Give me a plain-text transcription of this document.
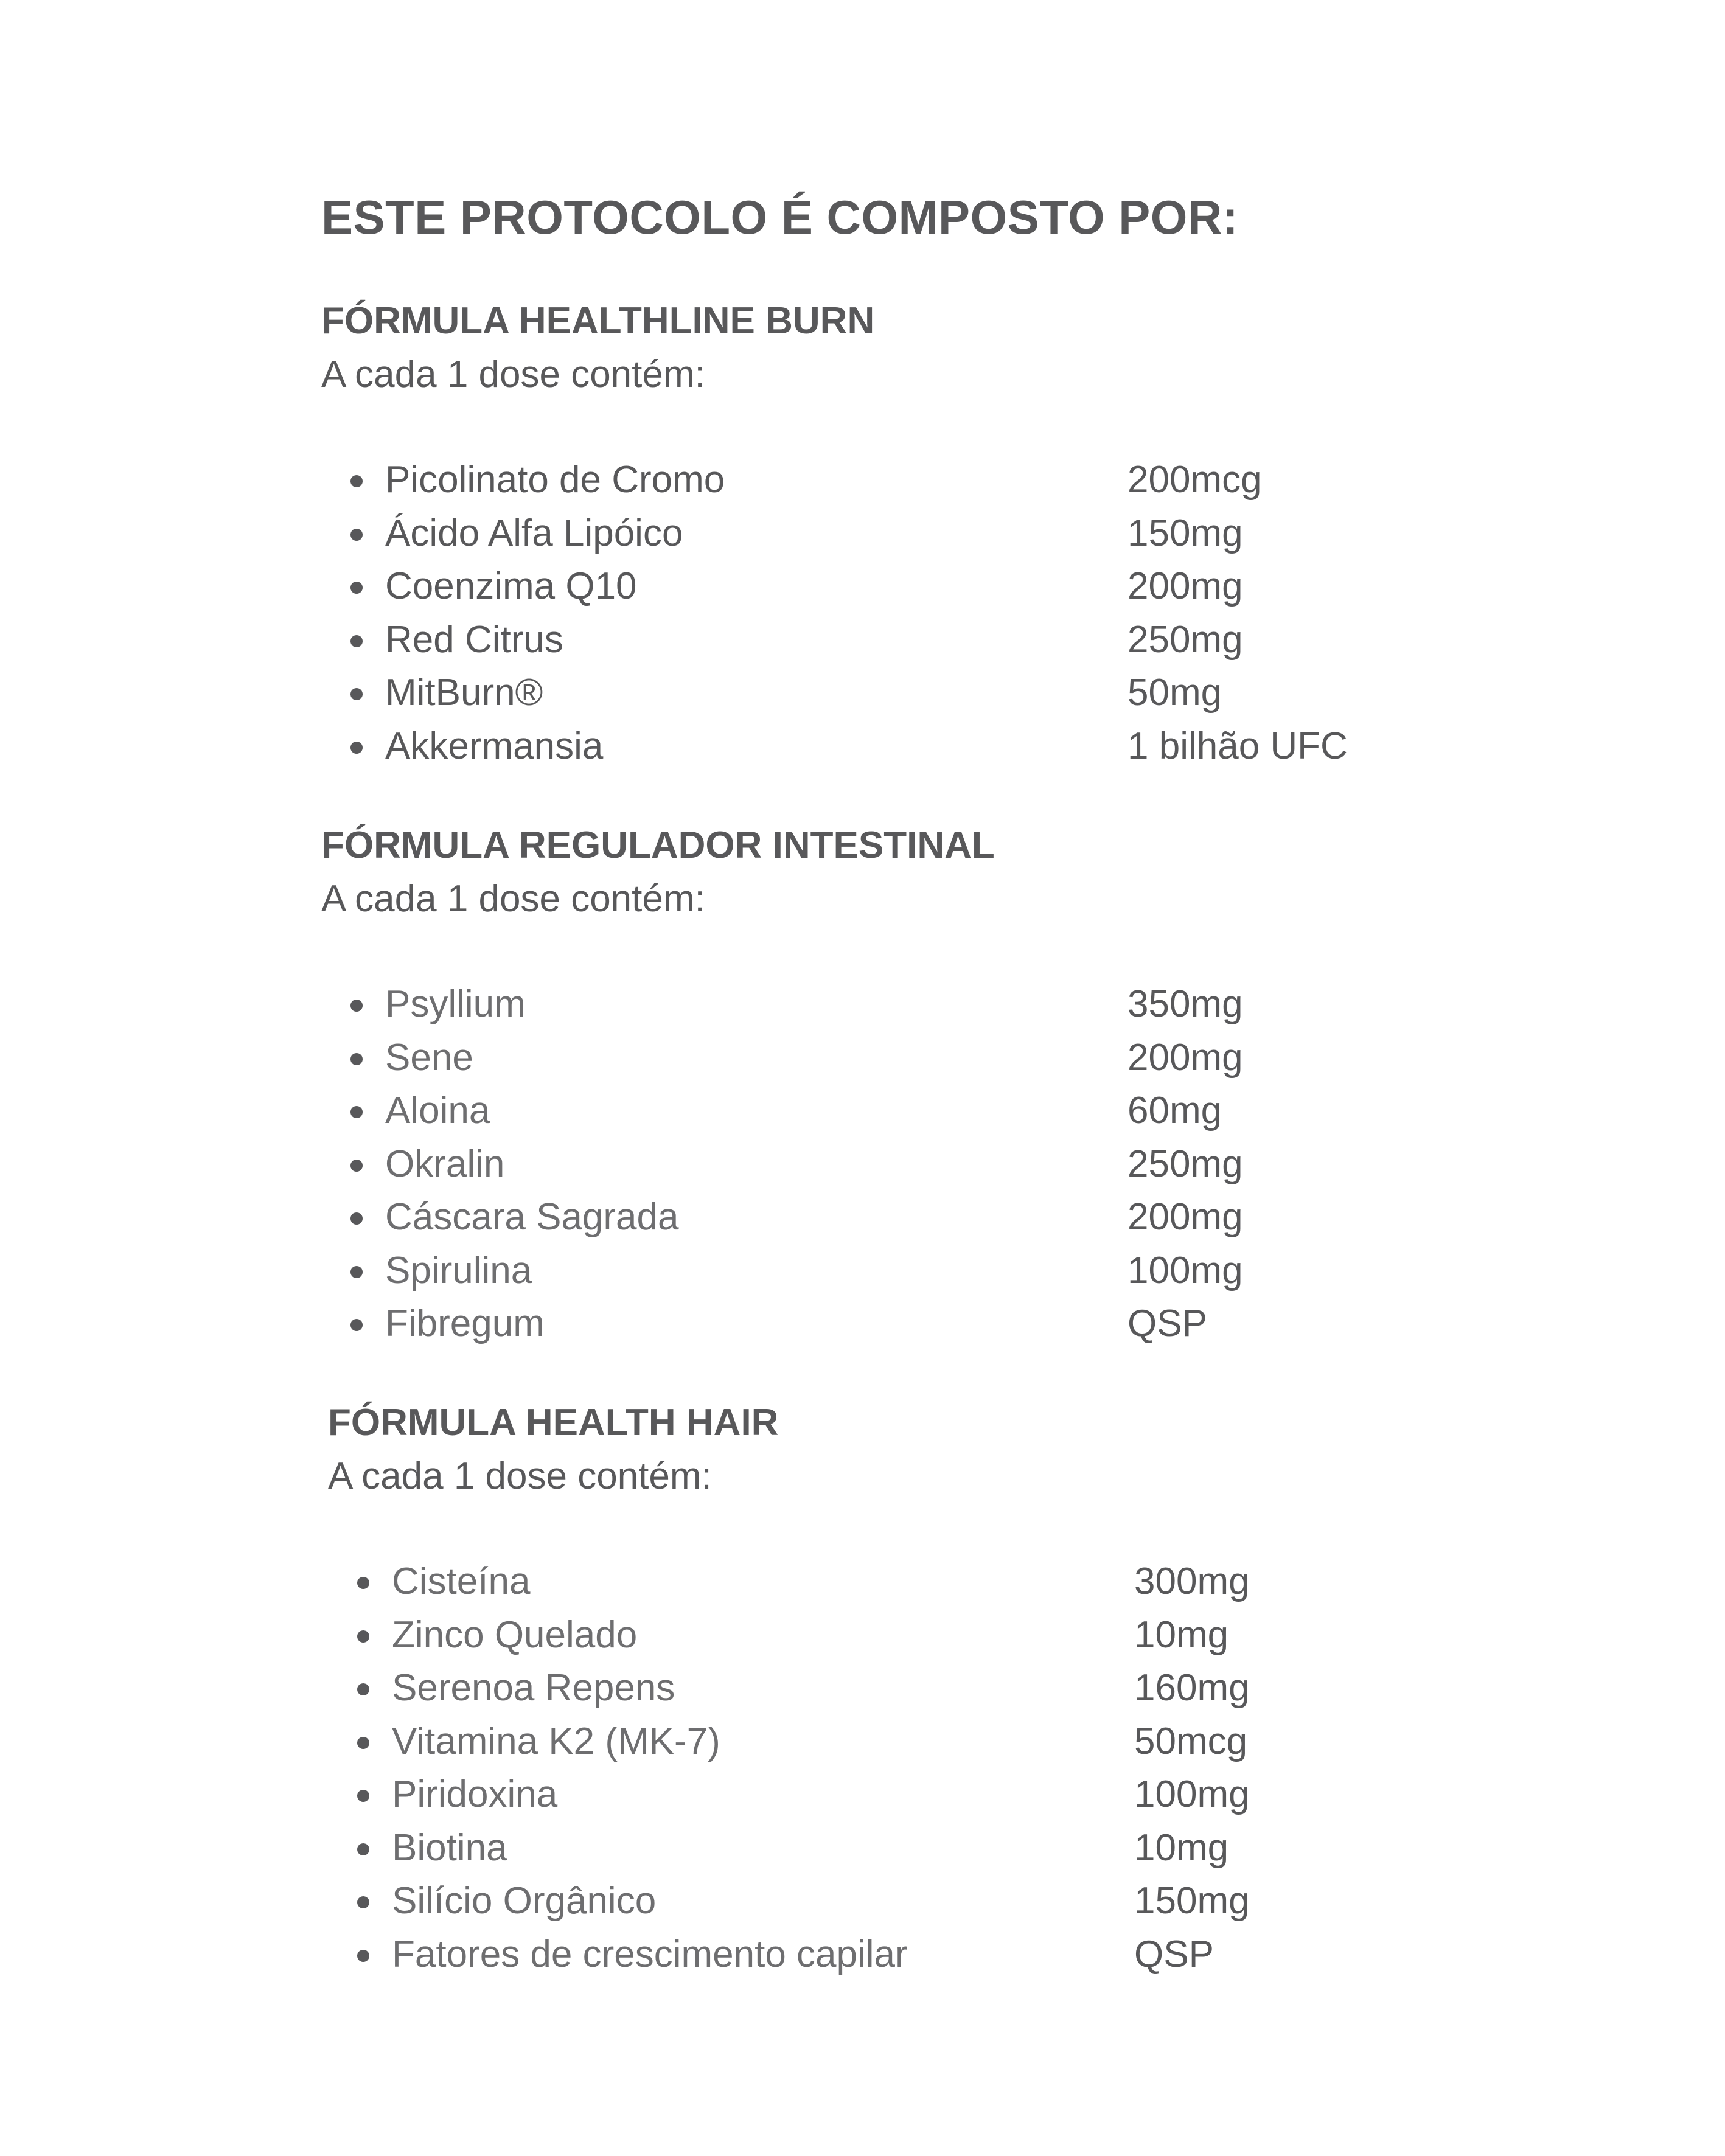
ESTE PROTOCOLO É COMPOSTO POR:
FÓRMULA HEALTHLINE BURN

A cada 1 dose contém:

Picolinato de Cromo	200mcg
Ácido Alfa Lipóico	150mg
Coenzima Q10	200mg
Red Citrus	250mg
MitBurn®	50mg
Akkermansia	1 bilhão UFC
FÓRMULA REGULADOR INTESTINAL

A cada 1 dose contém:

Psyllium	350mg
Sene	200mg
Aloina	60mg
Okralin	250mg
Cáscara Sagrada	200mg
Spirulina	100mg
Fibregum	QSP
FÓRMULA HEALTH HAIR

A cada 1 dose contém:

Cisteína	300mg
Zinco Quelado	10mg
Serenoa Repens	160mg
Vitamina K2 (MK-7)	50mcg
Piridoxina	100mg
Biotina	10mg
Silício Orgânico	150mg
Fatores de crescimento capilar	QSP
